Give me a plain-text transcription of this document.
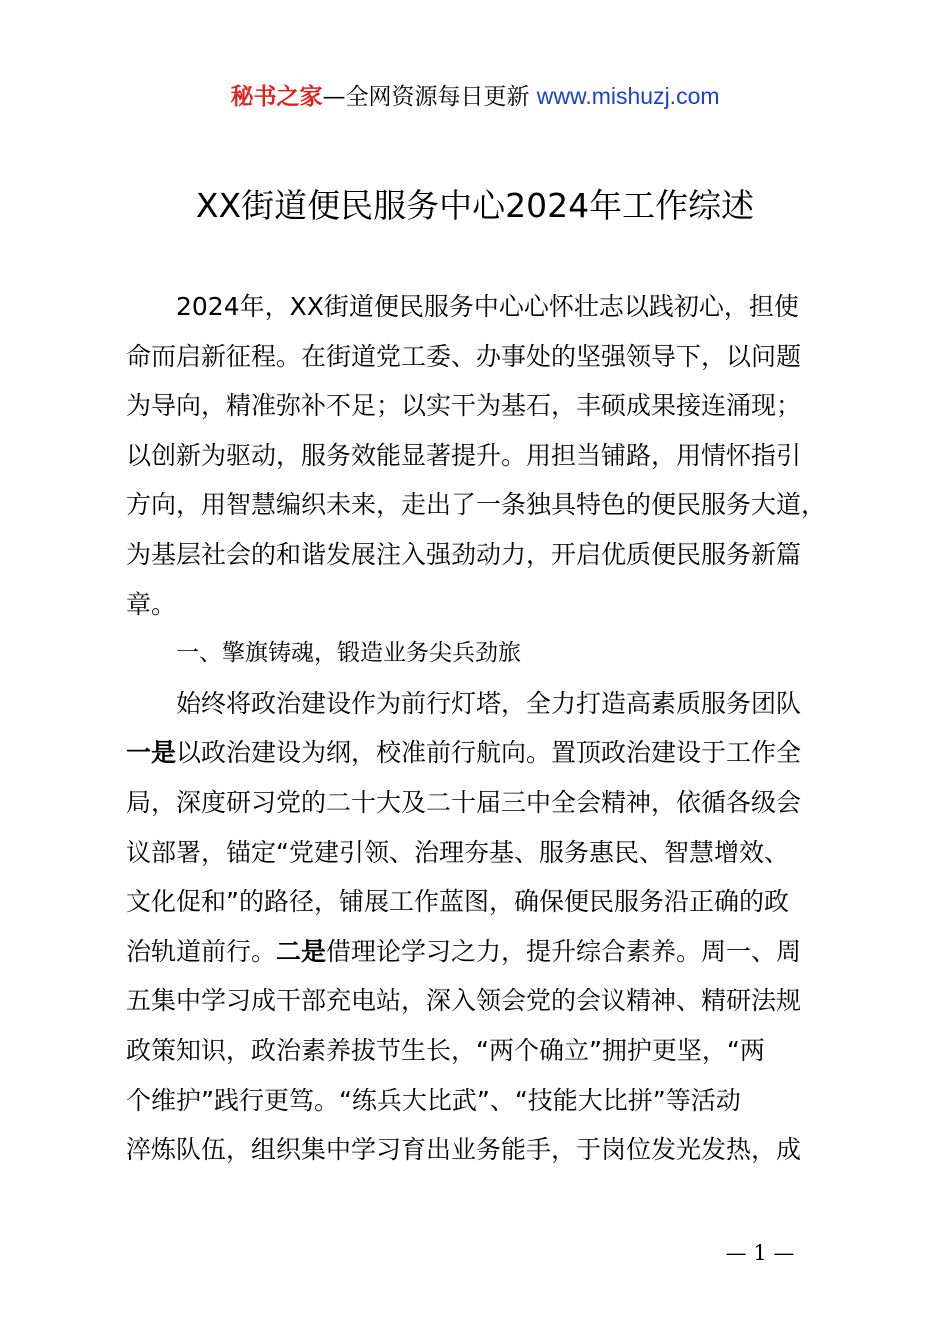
秘书之家—全网资源每日更新 www.mishuzj.com
XX街道便民服务中心2024年工作综述
2024年，XX街道便民服务中心心怀壮志以践初心，担使
命而启新征程。在街道党工委、办事处的坚强领导下，以问题
为导向，精准弥补不足；以实干为基石，丰硕成果接连涌现；
以创新为驱动，服务效能显著提升。用担当铺路，用情怀指引
方向，用智慧编织未来，走出了一条独具特色的便民服务大道，
为基层社会的和谐发展注入强劲动力，开启优质便民服务新篇
章。
一、擎旗铸魂，锻造业务尖兵劲旅
始终将政治建设作为前行灯塔，全力打造高素质服务团队
一是以政治建设为纲，校准前行航向。置顶政治建设于工作全
局，深度研习党的二十大及二十届三中全会精神，依循各级会
议部署，锚定“党建引领、治理夯基、服务惠民、智慧增效、
文化促和”的路径，铺展工作蓝图，确保便民服务沿正确的政
治轨道前行。二是借理论学习之力，提升综合素养。周一、周
五集中学习成干部充电站，深入领会党的会议精神、精研法规
政策知识，政治素养拔节生长，“两个确立”拥护更坚，“两
个维护”践行更笃。“练兵大比武”、“技能大比拼”等活动
淬炼队伍，组织集中学习育出业务能手，于岗位发光发热，成
— 1 —
